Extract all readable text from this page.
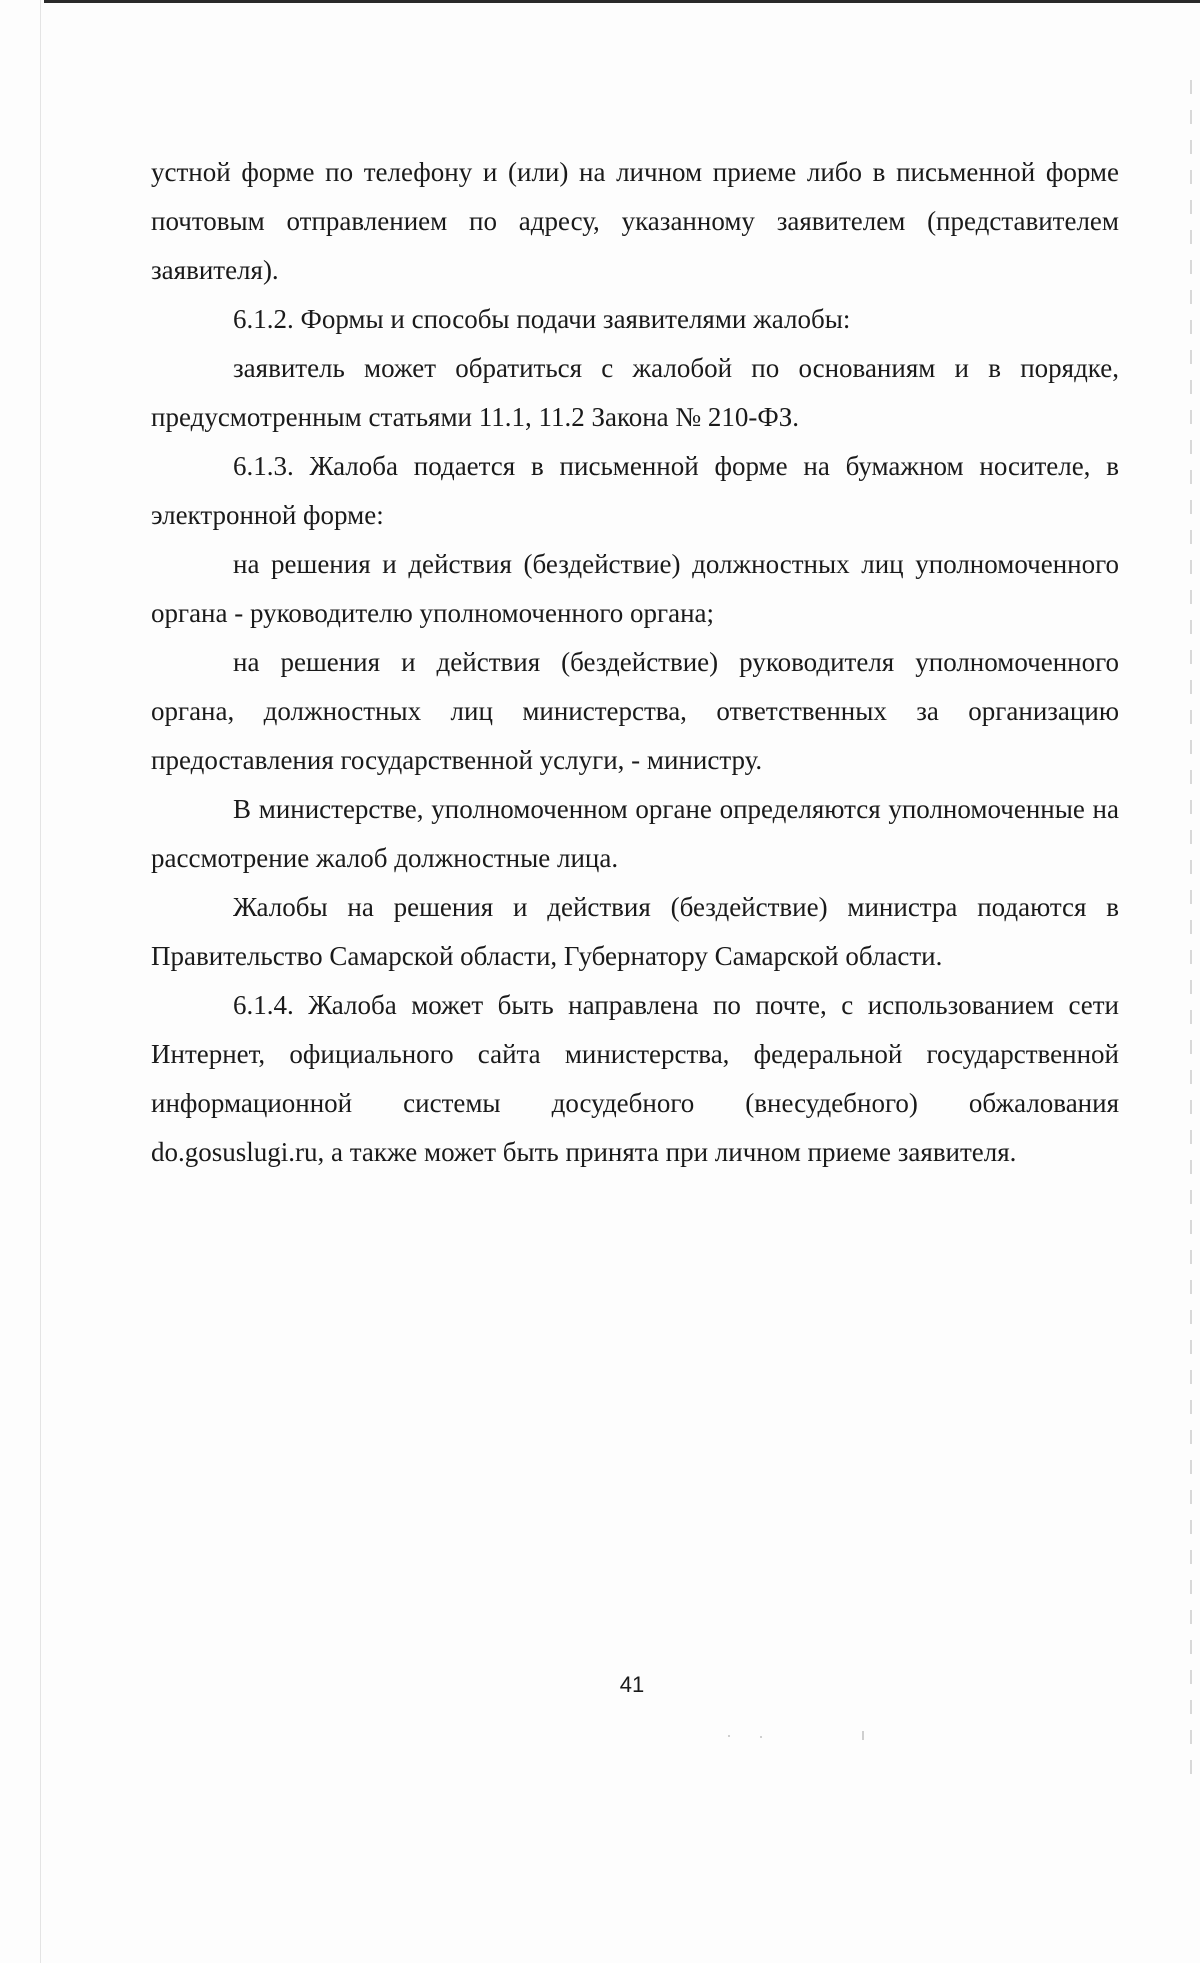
устной форме по телефону и (или) на личном приеме либо в письменной форме почтовым отправлением по адресу, указанному заявителем (представителем заявителя).

6.1.2. Формы и способы подачи заявителями жалобы:

заявитель может обратиться с жалобой по основаниям и в порядке, предусмотренным статьями 11.1, 11.2 Закона № 210-ФЗ.

6.1.3. Жалоба подается в письменной форме на бумажном носителе, в электронной форме:

на решения и действия (бездействие) должностных лиц уполномоченного органа - руководителю уполномоченного органа;

на решения и действия (бездействие) руководителя уполномоченного органа, должностных лиц министерства, ответственных за организацию предоставления государственной услуги, - министру.

В министерстве, уполномоченном органе определяются уполномоченные на рассмотрение жалоб должностные лица.

Жалобы на решения и действия (бездействие) министра подаются в Правительство Самарской области, Губернатору Самарской области.

6.1.4. Жалоба может быть направлена по почте, с использованием сети Интернет, официального сайта министерства, федеральной государственной информационной системы досудебного (внесудебного) обжалования do.gosuslugi.ru, а также может быть принята при личном приеме заявителя.

41
